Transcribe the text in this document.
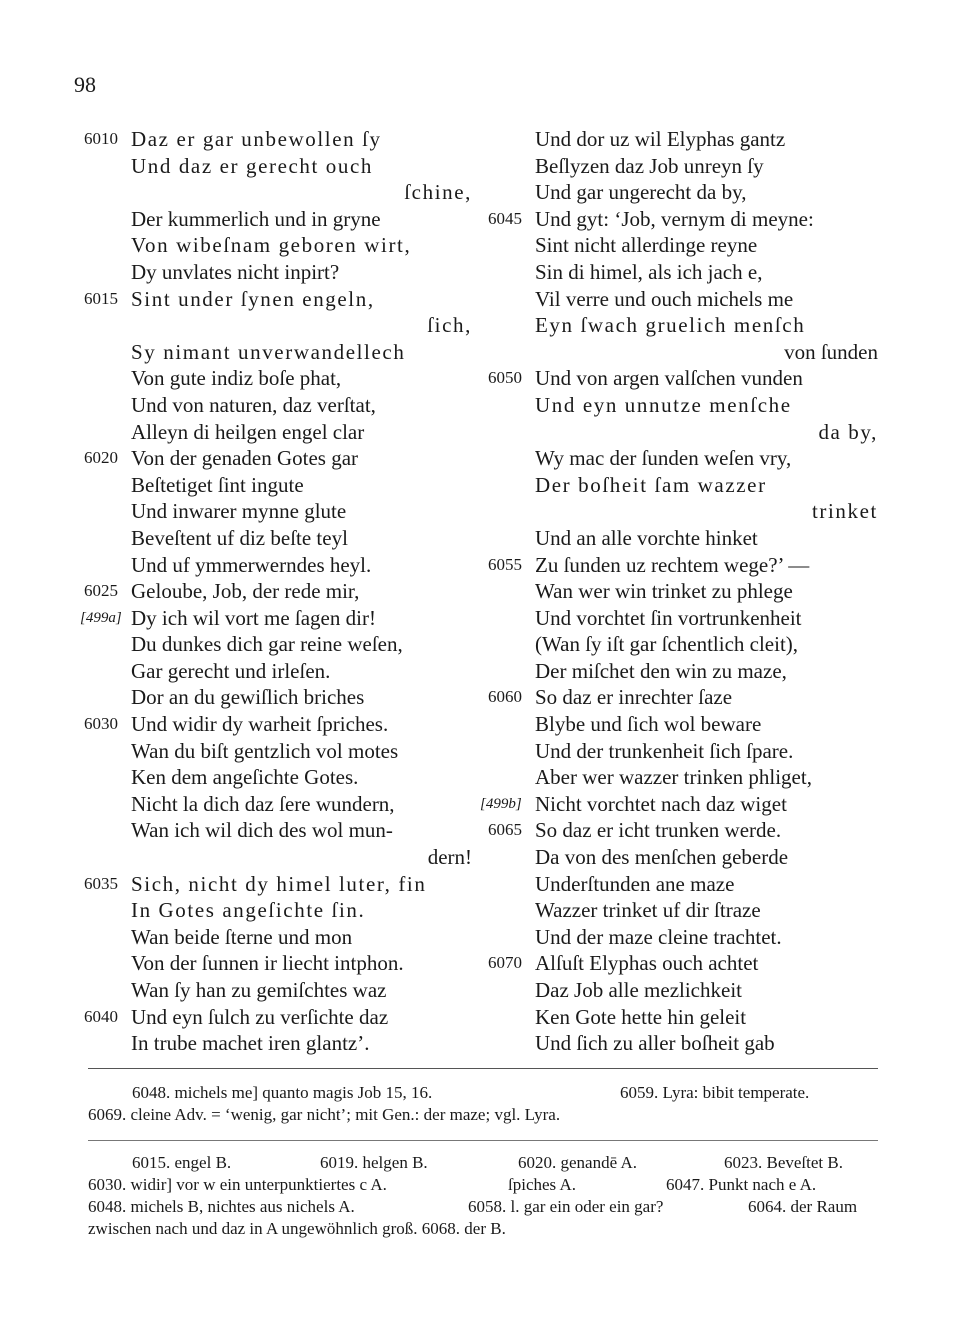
98
6010 Daz er gar unbewollen ſy
Und daz er gerecht ouch
ſchine,
Der kummerlich und in gryne
Von wibeſnam geboren wirt,
Dy unvlates nicht inpirt?
6015 Sint under ſynen engeln,
ſich,
Sy nimant unverwandellech
Von gute indiz boſe phat,
Und von naturen, daz verſtat,
Alleyn di heilgen engel clar
6020 Von der genaden Gotes gar
Beſtetiget ſint ingute
Und inwarer mynne glute
Beveſtent uf diz beſte teyl
Und uf ymmerwerndes heyl.
6025 Geloube, Job, der rede mir,
[499a] Dy ich wil vort me ſagen dir!
Du dunkes dich gar reine weſen,
Gar gerecht und irleſen.
Dor an du gewiſlich briches
6030 Und widir dy warheit ſpriches.
Wan du biſt gentzlich vol motes
Ken dem angeſichte Gotes.
Nicht la dich daz ſere wundern,
Wan ich wil dich des wol mun-
dern!
6035 Sich, nicht dy himel luter, fin
In Gotes angeſichte ſin.
Wan beide ſterne und mon
Von der ſunnen ir liecht intphon.
Wan ſy han zu gemiſchtes waz
6040 Und eyn ſulch zu verſichte daz
In trube machet iren glantz’.
Und dor uz wil Elyphas gantz
Beſlyzen daz Job unreyn ſy
Und gar ungerecht da by,
6045 Und gyt: ‘Job, vernym di meyne:
Sint nicht allerdinge reyne
Sin di himel, als ich jach e,
Vil verre und ouch michels me
Eyn ſwach gruelich menſch
von ſunden
6050 Und von argen valſchen vunden
Und eyn unnutze menſche
da by,
Wy mac der ſunden weſen vry,
Der boſheit ſam wazzer
trinket
Und an alle vorchte hinket
6055 Zu ſunden uz rechtem wege?’ —
Wan wer win trinket zu phlege
Und vorchtet ſin vortrunkenheit
(Wan ſy iſt gar ſchentlich cleit),
Der miſchet den win zu maze,
6060 So daz er inrechter ſaze
Blybe und ſich wol beware
Und der trunkenheit ſich ſpare.
Aber wer wazzer trinken phliget,
[499b] Nicht vorchtet nach daz wiget
6065 So daz er icht trunken werde.
Da von des menſchen geberde
Underſtunden ane maze
Wazzer trinket uf dir ſtraze
Und der maze cleine trachtet.
6070 Alſuſt Elyphas ouch achtet
Daz Job alle mezlichkeit
Ken Gote hette hin geleit
Und ſich zu aller boſheit gab
6048. michels me] quanto magis Job 15, 16.	6059. Lyra: bibit temperate.
6069. cleine Adv. = ‘wenig, gar nicht’; mit Gen.: der maze; vgl. Lyra.
6015. engel B.	6019. helgen B.	6020. genandē A.	6023. Beveſtet B.
6030. widir] vor w ein unterpunktiertes c A.	ſpiches A.	6047. Punkt nach e A.
6048. michels B, nichtes aus nichels A.	6058. l. gar ein oder ein gar?	6064. der Raum
zwischen nach und daz in A ungewöhnlich groß. 6068. der B.
